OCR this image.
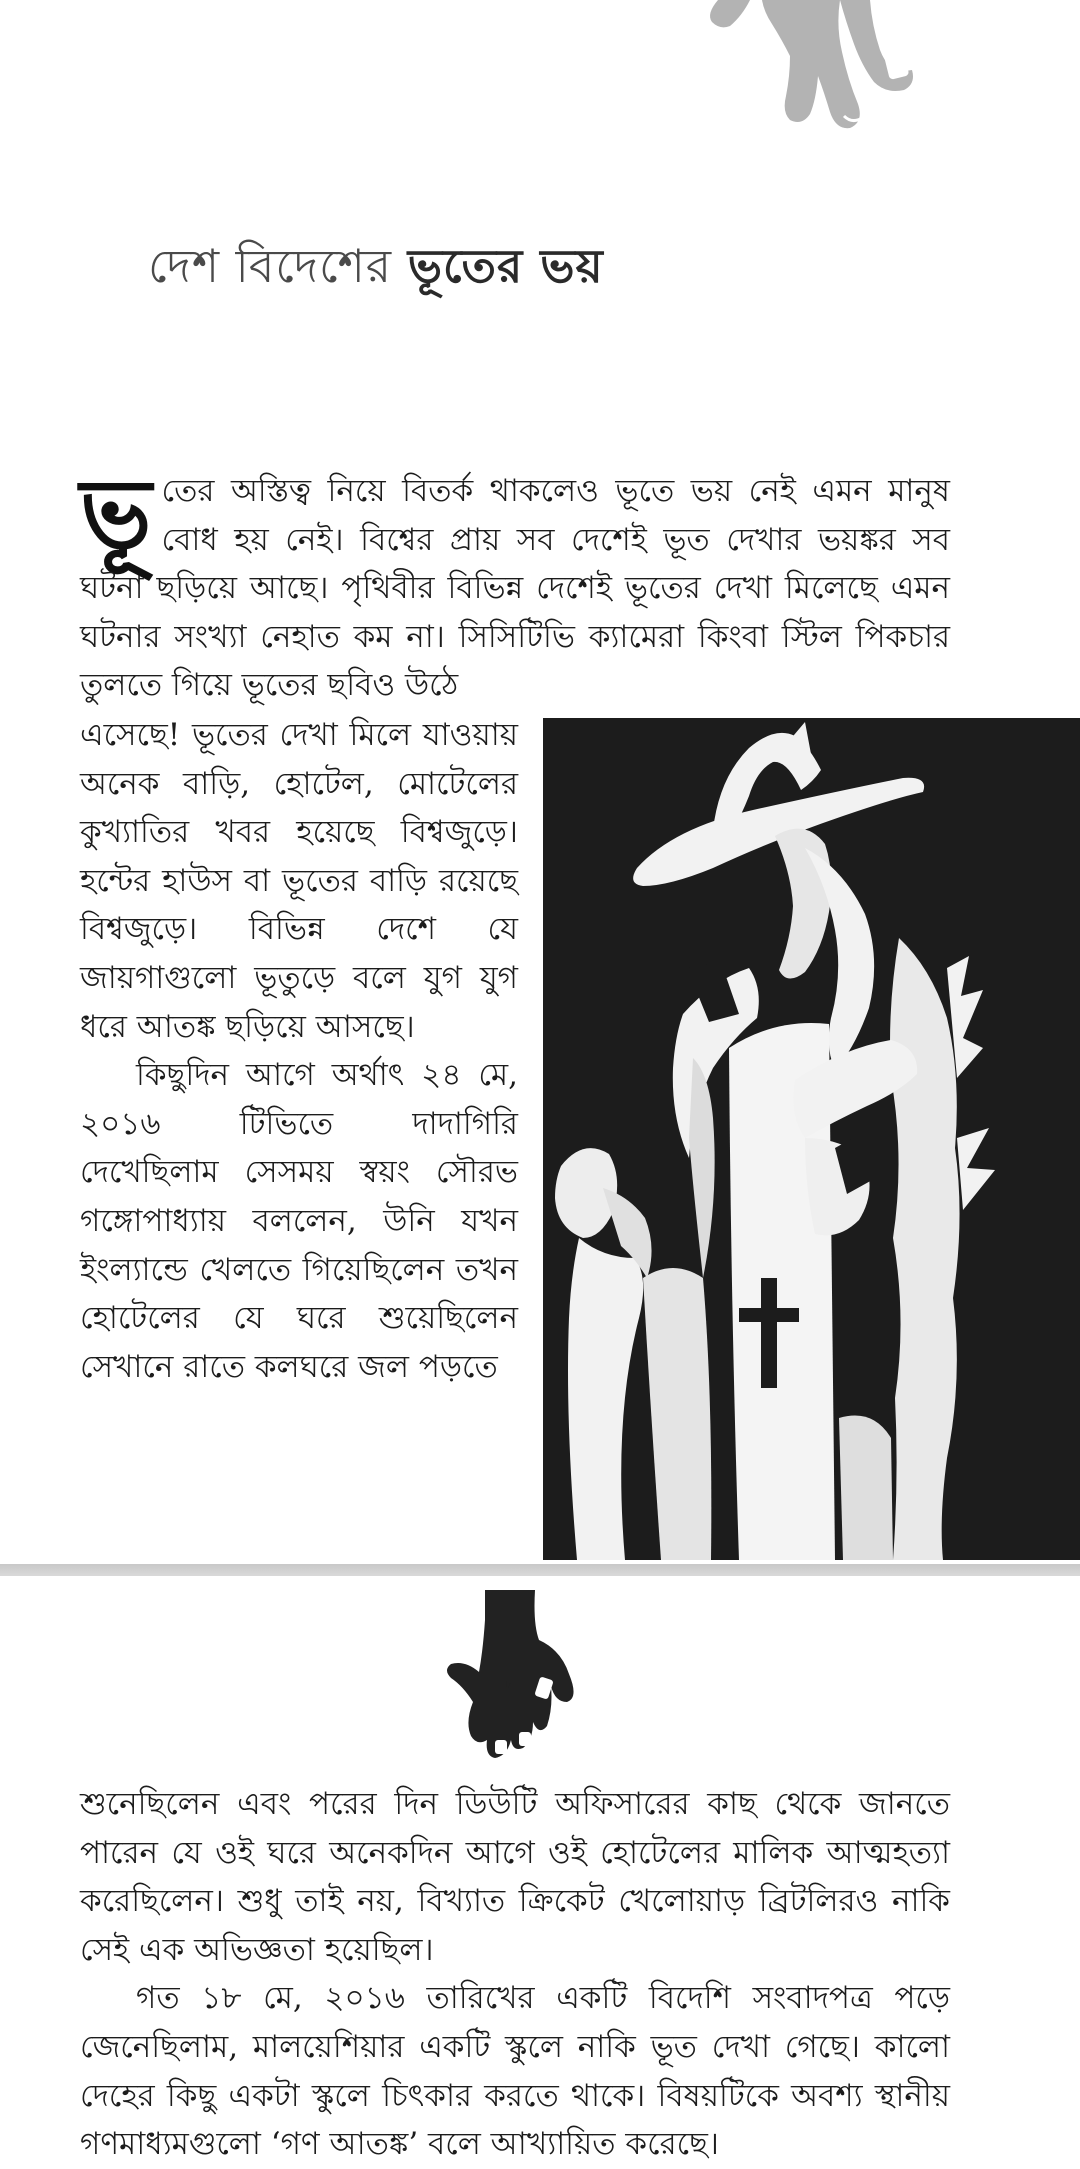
দেশ বিদেশের ভূতের ভয়
ভূ তের অস্তিত্ব নিয়ে বিতর্ক থাকলেও ভূতে ভয় নেই এমন মানুষ বোধ হয় নেই। বিশ্বের প্রায় সব দেশেই ভূত দেখার ভয়ঙ্কর সব ঘটনা ছড়িয়ে আছে। পৃথিবীর বিভিন্ন দেশেই ভূতের দেখা মিলেছে এমন ঘটনার সংখ্যা নেহাত কম না। সিসিটিভি ক্যামেরা কিংবা স্টিল পিকচার তুলতে গিয়ে ভূতের ছবিও উঠে

এসেছে! ভূতের দেখা মিলে যাওয়ায় অনেক বাড়ি, হোটেল, মোটেলের কুখ্যাতির খবর হয়েছে বিশ্বজুড়ে। হন্টের হাউস বা ভূতের বাড়ি রয়েছে বিশ্বজুড়ে। বিভিন্ন দেশে যে জায়গাগুলো ভূতুড়ে বলে যুগ যুগ ধরে আতঙ্ক ছড়িয়ে আসছে।

কিছুদিন আগে অর্থাৎ ২৪ মে, ২০১৬ টিভিতে দাদাগিরি দেখেছিলাম সেসময় স্বয়ং সৌরভ গঙ্গোপাধ্যায় বললেন, উনি যখন ইংল্যান্ডে খেলতে গিয়েছিলেন তখন হোটেলের যে ঘরে শুয়েছিলেন সেখানে রাতে কলঘরে জল পড়তে

৮

শুনেছিলেন এবং পরের দিন ডিউটি অফিসারের কাছ থেকে জানতে পারেন যে ওই ঘরে অনেকদিন আগে ওই হোটেলের মালিক আত্মহত্যা করেছিলেন। শুধু তাই নয়, বিখ্যাত ক্রিকেট খেলোয়াড় ব্রিটলিরও নাকি সেই এক অভিজ্ঞতা হয়েছিল।

গত ১৮ মে, ২০১৬ তারিখের একটি বিদেশি সংবাদপত্র পড়ে জেনেছিলাম, মালয়েশিয়ার একটি স্কুলে নাকি ভূত দেখা গেছে। কালো দেহের কিছু একটা স্কুলে চিৎকার করতে থাকে। বিষয়টিকে অবশ্য স্থানীয় গণমাধ্যমগুলো ‘গণ আতঙ্ক’ বলে আখ্যায়িত করেছে।
